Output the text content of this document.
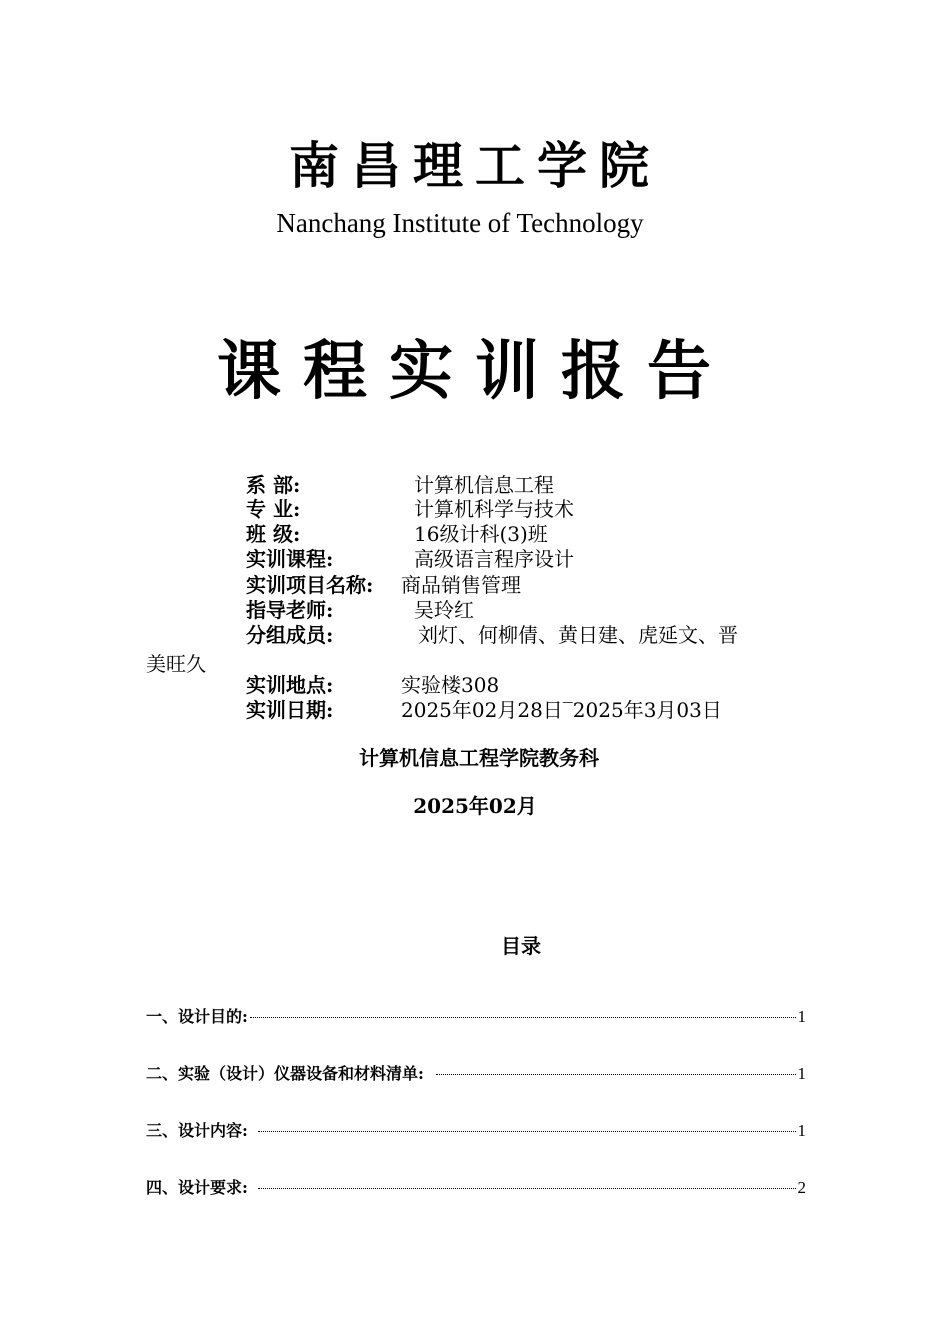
南昌理工学院
Nanchang Institute of Technology
课程实训报告
系 部:	计算机信息工程
专 业:	计算机科学与技术
班 级:	16级计科(3)班
实训课程:	高级语言程序设计
实训项目名称: 商品销售管理
指导老师:	吴玲红
分组成员:	刘灯、何柳倩、黄日建、虎延文、晋
美旺久
实训地点:	实验楼308
实训日期:	2025年02月28日‾2025年3月03日
计算机信息工程学院教务科
2025年02月
目录
一、设计目的:	1
二、实验（设计）仪器设备和材料清单:	1
三、设计内容:	1
四、设计要求:	2
